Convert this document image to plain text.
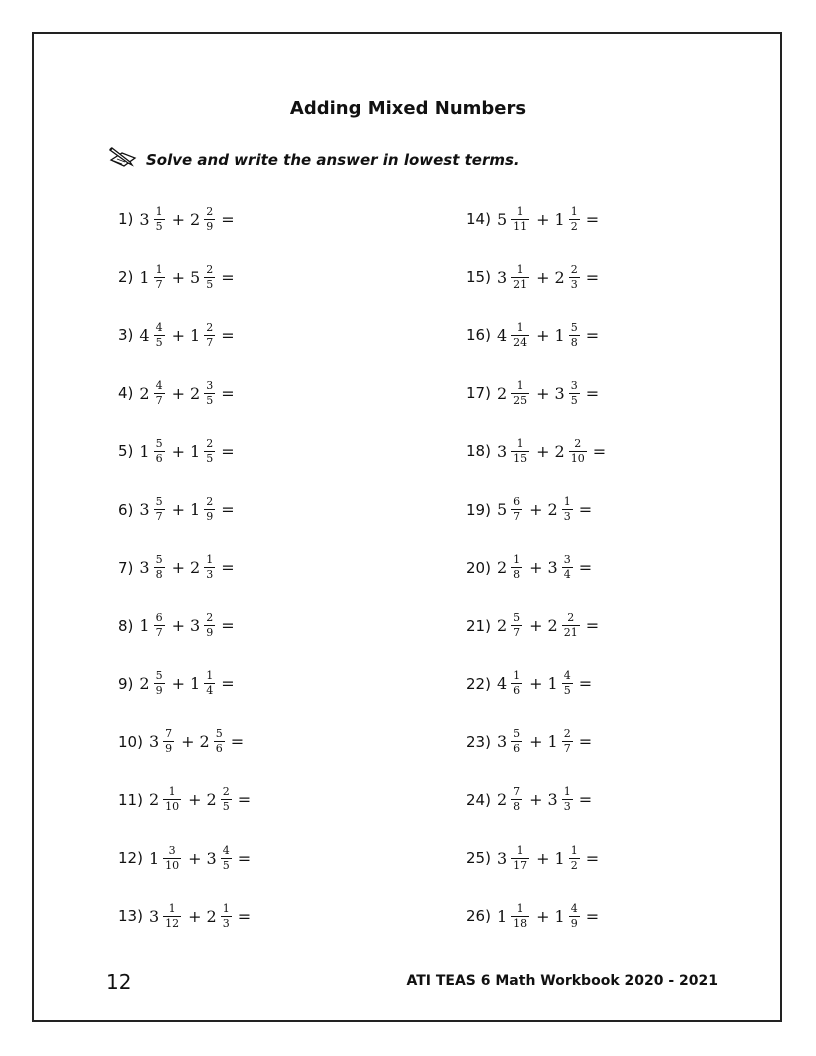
Adding Mixed Numbers
Solve and write the answer in lowest terms.
1) $3 \frac{1}{5} + 2 \frac{2}{9}$ =
2) $1 \frac{1}{7} + 5 \frac{2}{5}$ =
3) $4 \frac{4}{5} + 1 \frac{2}{7}$ =
4) $2 \frac{4}{7} + 2 \frac{3}{5}$ =
5) $1 \frac{5}{6} + 1 \frac{2}{5}$ =
6) $3 \frac{5}{7} + 1 \frac{2}{9}$ =
7) $3 \frac{5}{8} + 2 \frac{1}{3}$ =
8) $1 \frac{6}{7} + 3 \frac{2}{9}$ =
9) $2 \frac{5}{9} + 1 \frac{1}{4}$ =
10) $3 \frac{7}{9} + 2 \frac{5}{6}$ =
11) $2 \frac{1}{10} + 2 \frac{2}{5}$ =
12) $1 \frac{3}{10} + 3 \frac{4}{5}$ =
13) $3 \frac{1}{12} + 2 \frac{1}{3}$ =
14) $5 \frac{1}{11} + 1 \frac{1}{2}$ =
15) $3 \frac{1}{21} + 2 \frac{2}{3}$ =
16) $4 \frac{1}{24} + 1 \frac{5}{8}$ =
17) $2 \frac{1}{25} + 3 \frac{3}{5}$ =
18) $3 \frac{1}{15} + 2 \frac{2}{10}$ =
19) $5 \frac{6}{7} + 2 \frac{1}{3}$ =
20) $2 \frac{1}{8} + 3 \frac{3}{4}$ =
21) $2 \frac{5}{7} + 2 \frac{2}{21}$ =
22) $4 \frac{1}{6} + 1 \frac{4}{5}$ =
23) $3 \frac{5}{6} + 1 \frac{2}{7}$ =
24) $2 \frac{7}{8} + 3 \frac{1}{3}$ =
25) $3 \frac{1}{17} + 1 \frac{1}{2}$ =
26) $1 \frac{1}{18} + 1 \frac{4}{9}$ =
12	ATI TEAS 6 Math Workbook 2020 - 2021
